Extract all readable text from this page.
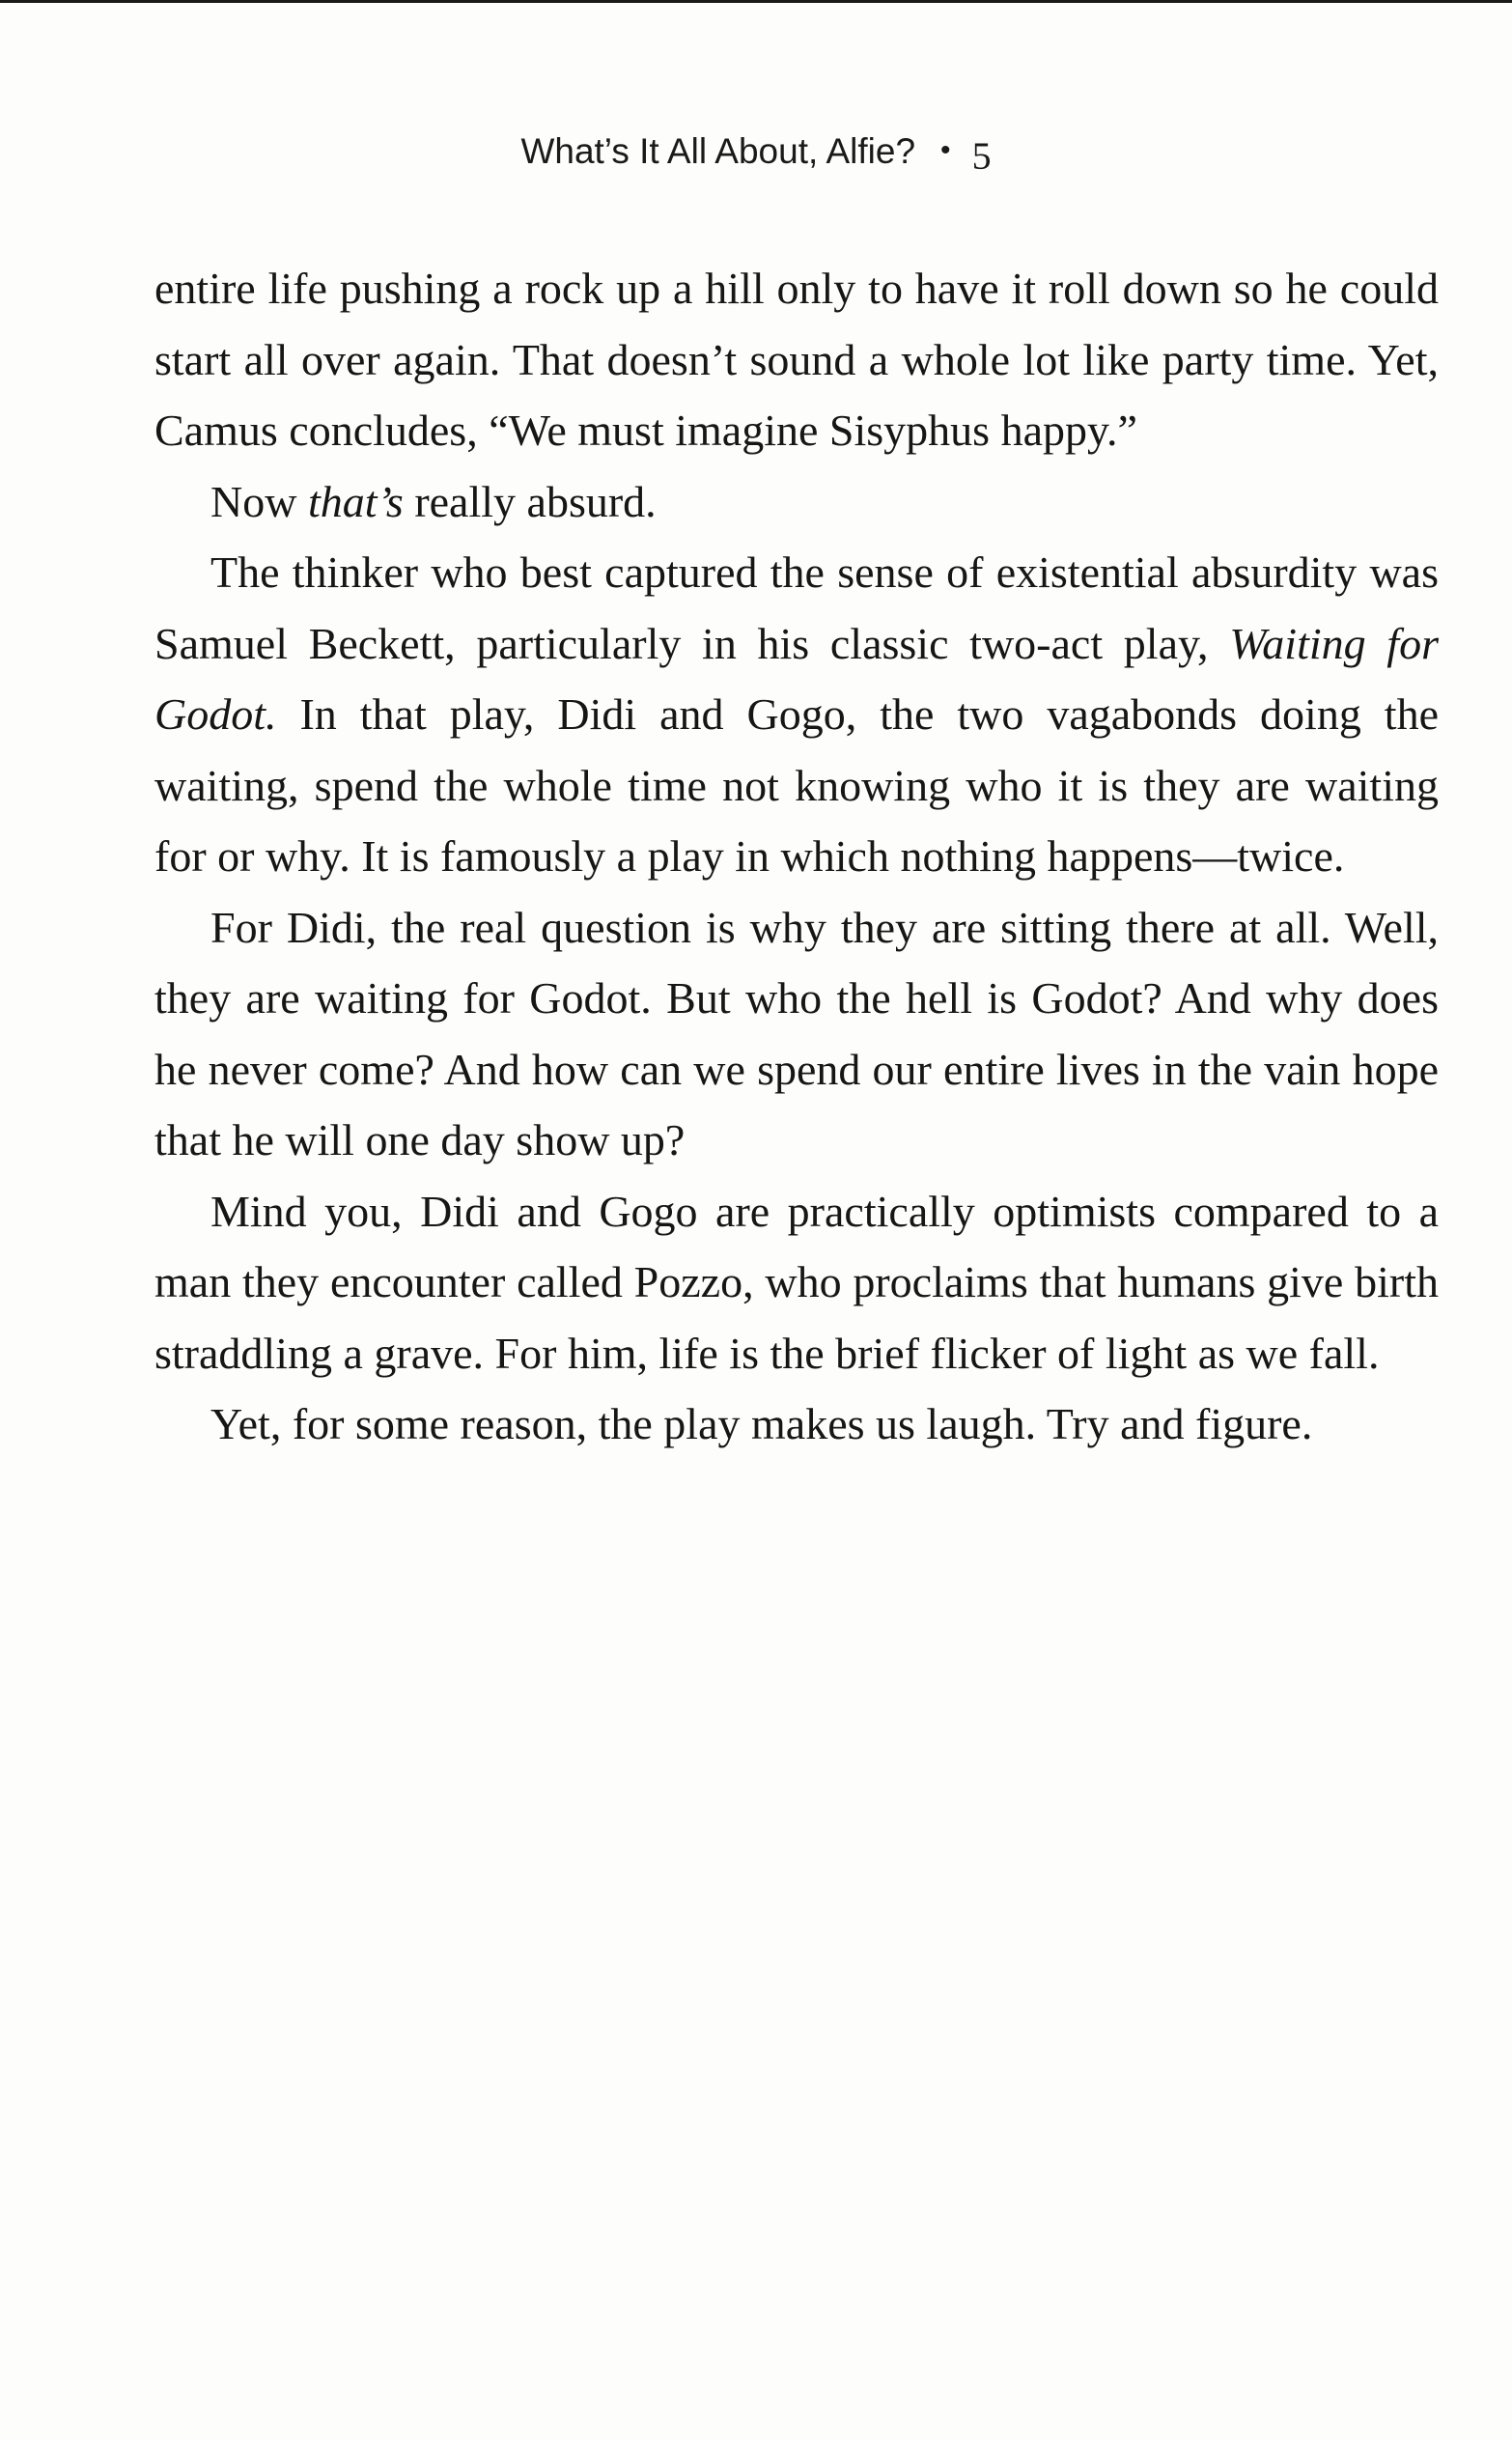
What’s It All About, Alfie? • 5

entire life pushing a rock up a hill only to have it roll down so he could start all over again. That doesn’t sound a whole lot like party time. Yet, Camus concludes, “We must imagine Sisyphus happy.”

Now that’s really absurd.

The thinker who best captured the sense of existential absurdity was Samuel Beckett, particularly in his classic two-act play, Waiting for Godot. In that play, Didi and Gogo, the two vagabonds doing the waiting, spend the whole time not knowing who it is they are waiting for or why. It is famously a play in which nothing happens—twice.

For Didi, the real question is why they are sitting there at all. Well, they are waiting for Godot. But who the hell is Godot? And why does he never come? And how can we spend our entire lives in the vain hope that he will one day show up?

Mind you, Didi and Gogo are practically optimists compared to a man they encounter called Pozzo, who proclaims that humans give birth straddling a grave. For him, life is the brief flicker of light as we fall.

Yet, for some reason, the play makes us laugh. Try and figure.
